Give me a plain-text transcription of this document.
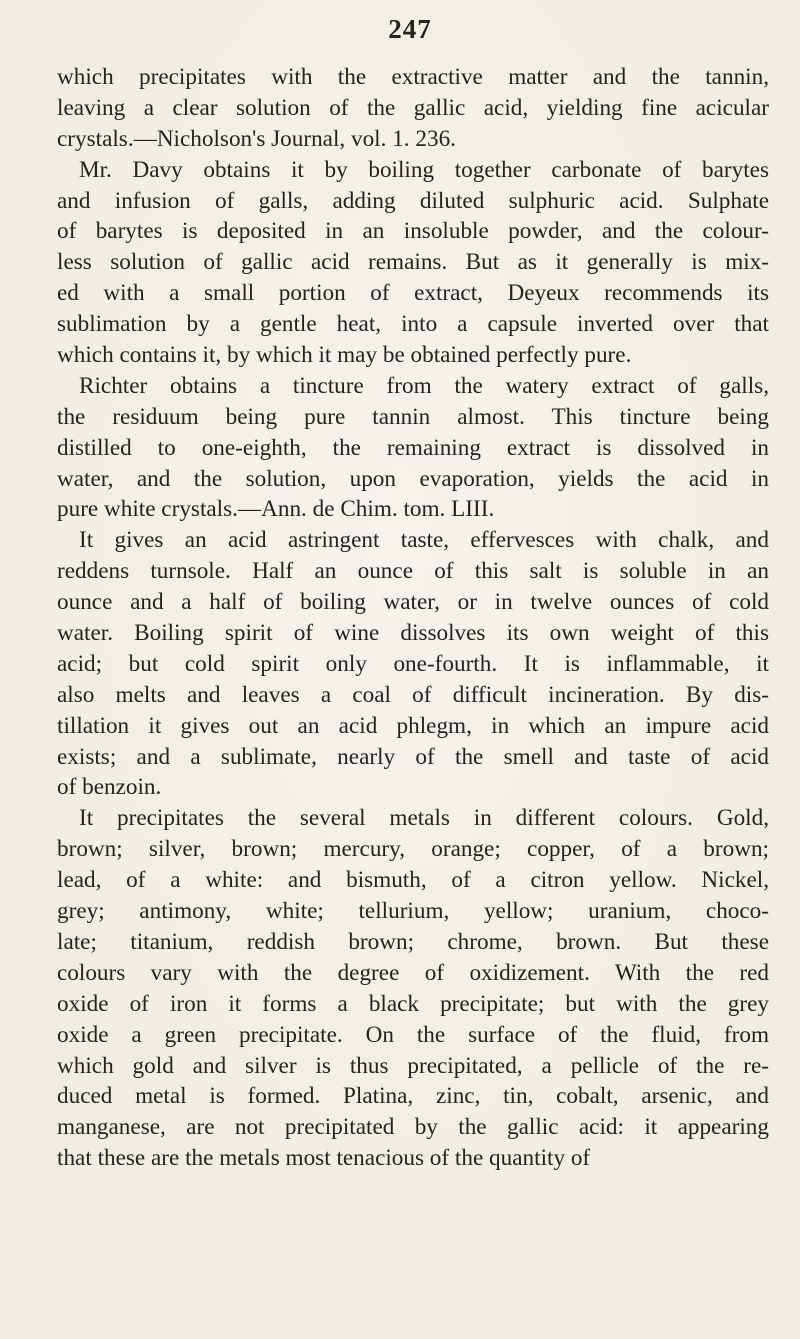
247
which precipitates with the extractive matter and the tannin,
leaving a clear solution of the gallic acid, yielding fine acicular
crystals.—Nicholson's Journal, vol. 1. 236.
Mr. Davy obtains it by boiling together carbonate of barytes
and infusion of galls, adding diluted sulphuric acid. Sulphate
of barytes is deposited in an insoluble powder, and the colour-
less solution of gallic acid remains. But as it generally is mix-
ed with a small portion of extract, Deyeux recommends its
sublimation by a gentle heat, into a capsule inverted over that
which contains it, by which it may be obtained perfectly pure.
Richter obtains a tincture from the watery extract of galls,
the residuum being pure tannin almost. This tincture being
distilled to one-eighth, the remaining extract is dissolved in
water, and the solution, upon evaporation, yields the acid in
pure white crystals.—Ann. de Chim. tom. LIII.
It gives an acid astringent taste, effervesces with chalk, and
reddens turnsole. Half an ounce of this salt is soluble in an
ounce and a half of boiling water, or in twelve ounces of cold
water. Boiling spirit of wine dissolves its own weight of this
acid; but cold spirit only one-fourth. It is inflammable, it
also melts and leaves a coal of difficult incineration. By dis-
tillation it gives out an acid phlegm, in which an impure acid
exists; and a sublimate, nearly of the smell and taste of acid
of benzoin.
It precipitates the several metals in different colours. Gold,
brown; silver, brown; mercury, orange; copper, of a brown;
lead, of a white: and bismuth, of a citron yellow. Nickel,
grey; antimony, white; tellurium, yellow; uranium, choco-
late; titanium, reddish brown; chrome, brown. But these
colours vary with the degree of oxidizement. With the red
oxide of iron it forms a black precipitate; but with the grey
oxide a green precipitate. On the surface of the fluid, from
which gold and silver is thus precipitated, a pellicle of the re-
duced metal is formed. Platina, zinc, tin, cobalt, arsenic, and
manganese, are not precipitated by the gallic acid: it appearing
that these are the metals most tenacious of the quantity of
